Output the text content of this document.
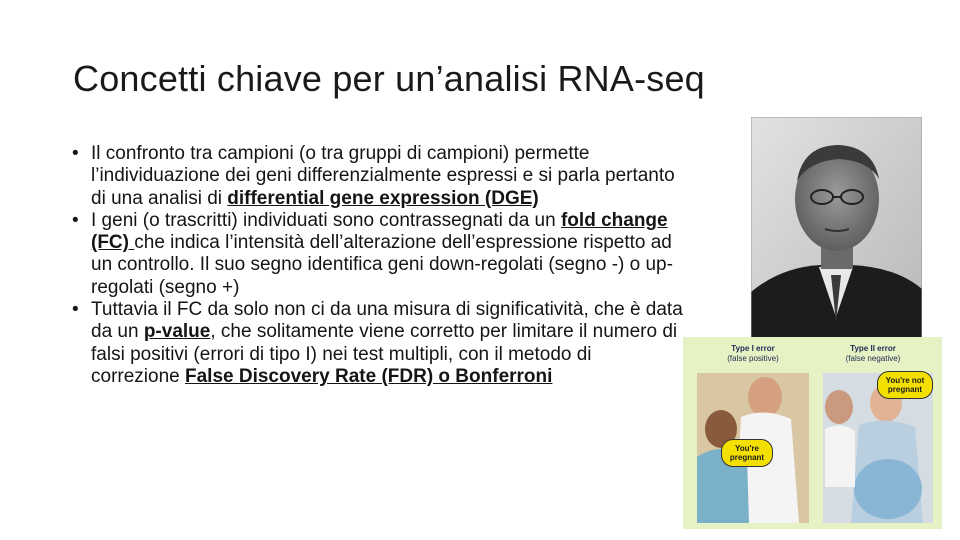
Concetti chiave per un’analisi RNA-seq
• Il confronto tra campioni (o tra gruppi di campioni) permette l’individuazione dei geni differenzialmente espressi e si parla pertanto di una analisi di differential gene expression (DGE)
• I geni (o trascritti) individuati sono contrassegnati da un fold change (FC) che indica l’intensità dell’alterazione dell’espressione rispetto ad un controllo. Il suo segno identifica geni down-regolati (segno -) o up-regolati (segno +)
• Tuttavia il FC da solo non ci da una misura di significatività, che è data da un p-value, che solitamente viene corretto per limitare il numero di falsi positivi (errori di tipo I) nei test multipli, con il metodo di correzione False Discovery Rate (FDR) o Bonferroni
Type I error
(false positive)
Type II error
(false negative)
You're pregnant
You're not pregnant
